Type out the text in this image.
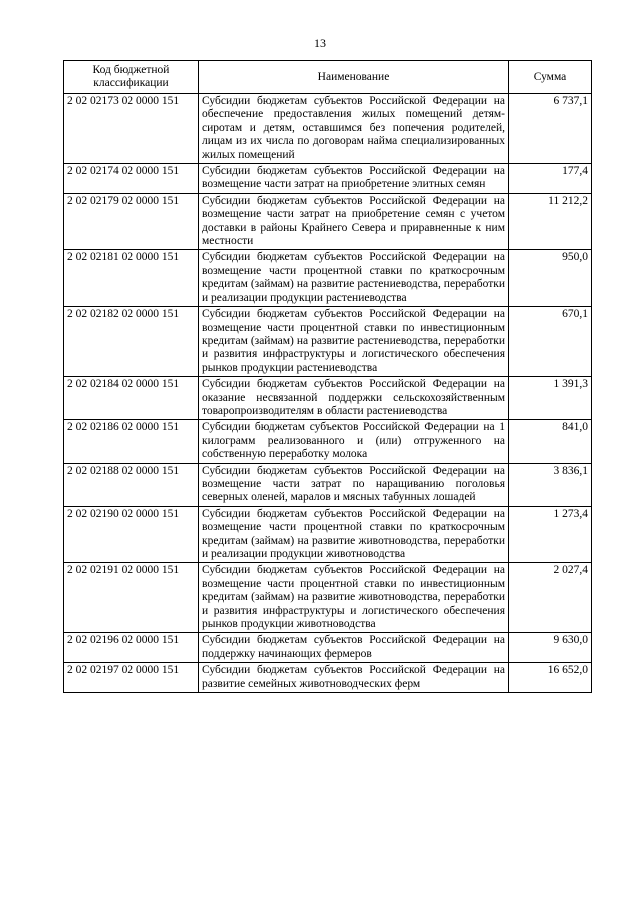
13
Код бюджетной классификации	Наименование	Сумма
2 02 02173 02 0000 151	Субсидии бюджетам субъектов Российской Федерации на обеспечение предоставления жилых помещений детям-сиротам и детям, оставшимся без попечения родителей, лицам из их числа по договорам найма специализированных жилых помещений	6 737,1
2 02 02174 02 0000 151	Субсидии бюджетам субъектов Российской Федерации на возмещение части затрат на приобретение элитных семян	177,4
2 02 02179 02 0000 151	Субсидии бюджетам субъектов Российской Федерации на возмещение части затрат на приобретение семян с учетом доставки в районы Крайнего Севера и приравненные к ним местности	11 212,2
2 02 02181 02 0000 151	Субсидии бюджетам субъектов Российской Федерации на возмещение части процентной ставки по краткосрочным кредитам (займам) на развитие растениеводства, переработки и реализации продукции растениеводства	950,0
2 02 02182 02 0000 151	Субсидии бюджетам субъектов Российской Федерации на возмещение части процентной ставки по инвестиционным кредитам (займам) на развитие растениеводства, переработки и развития инфраструктуры и логистического обеспечения рынков продукции растениеводства	670,1
2 02 02184 02 0000 151	Субсидии бюджетам субъектов Российской Федерации на оказание несвязанной поддержки сельскохозяйственным товаропроизводителям в области растениеводства	1 391,3
2 02 02186 02 0000 151	Субсидии бюджетам субъектов Российской Федерации на 1 килограмм реализованного и (или) отгруженного на собственную переработку молока	841,0
2 02 02188 02 0000 151	Субсидии бюджетам субъектов Российской Федерации на возмещение части затрат по наращиванию поголовья северных оленей, маралов и мясных табунных лошадей	3 836,1
2 02 02190 02 0000 151	Субсидии бюджетам субъектов Российской Федерации на возмещение части процентной ставки по краткосрочным кредитам (займам) на развитие животноводства, переработки и реализации продукции животноводства	1 273,4
2 02 02191 02 0000 151	Субсидии бюджетам субъектов Российской Федерации на возмещение части процентной ставки по инвестиционным кредитам (займам) на развитие животноводства, переработки и развития инфраструктуры и логистического обеспечения рынков продукции животноводства	2 027,4
2 02 02196 02 0000 151	Субсидии бюджетам субъектов Российской Федерации на поддержку начинающих фермеров	9 630,0
2 02 02197 02 0000 151	Субсидии бюджетам субъектов Российской Федерации на развитие семейных животноводческих ферм	16 652,0
